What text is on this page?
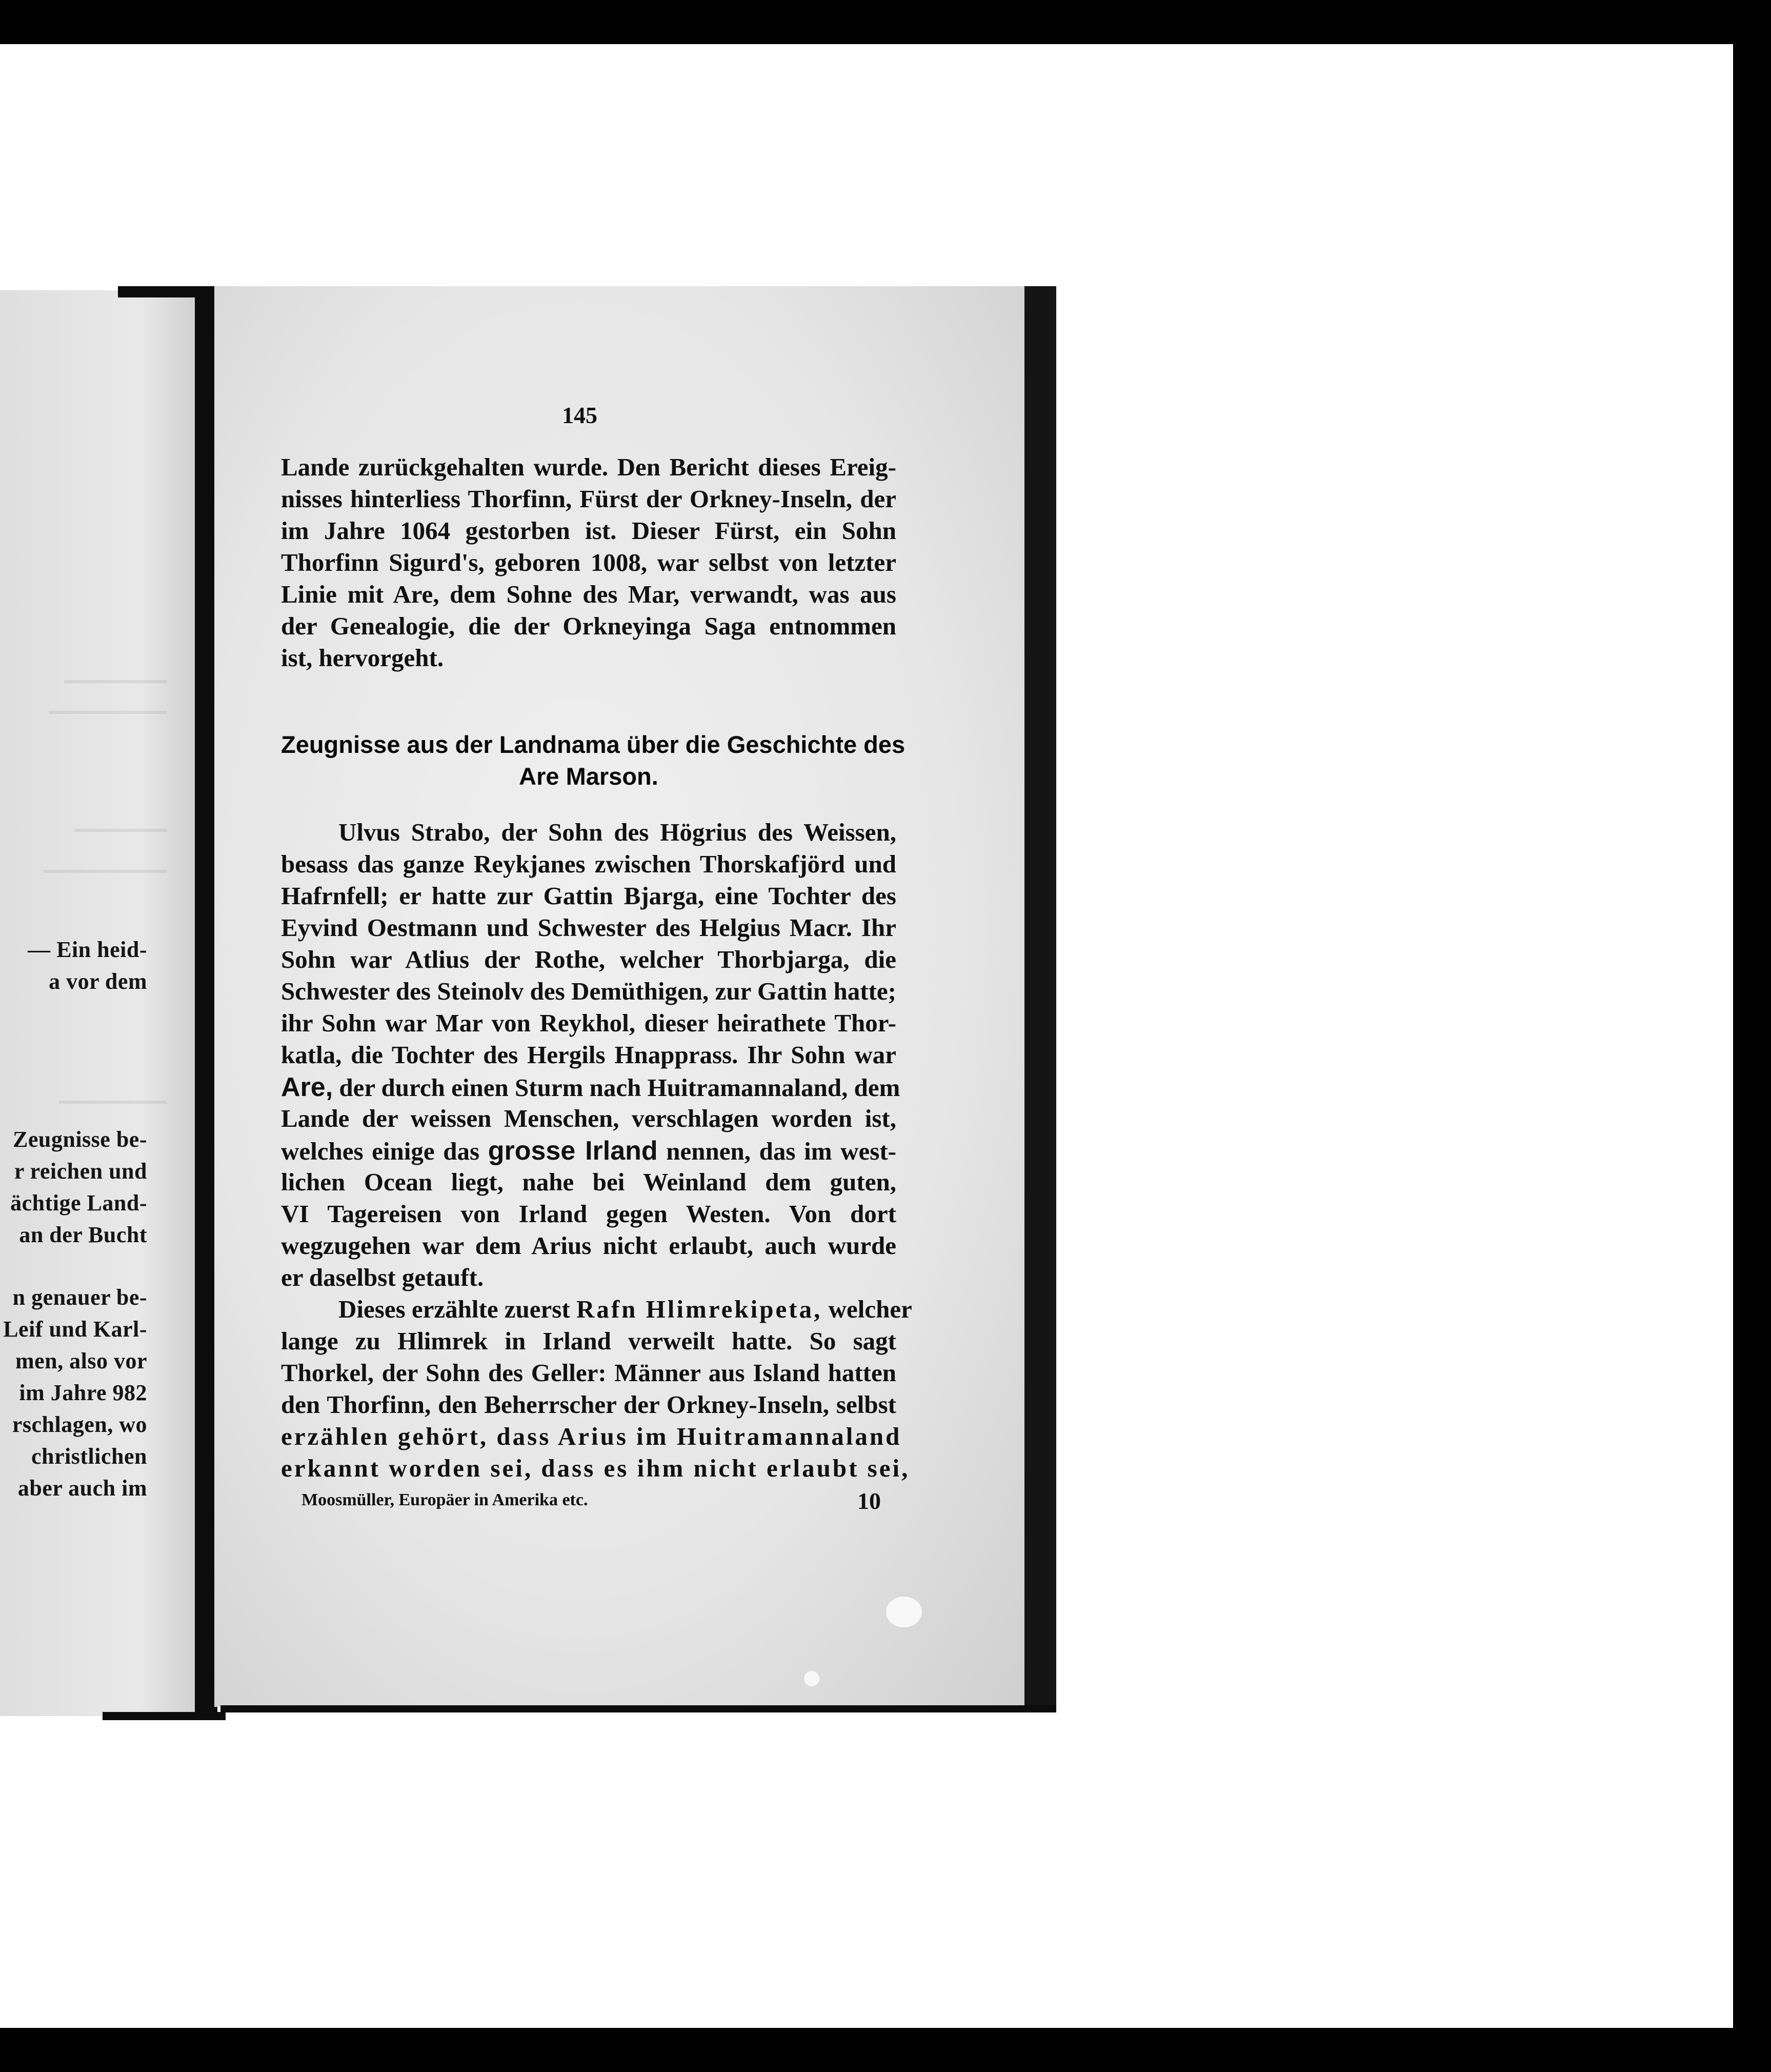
— Ein heid-

a vor dem

Zeugnisse be-

r reichen und

ächtige Land-

an der Bucht

n genauer be-

Leif und Karl-

men, also vor

im Jahre 982

rschlagen, wo

christlichen

aber auch im

145

Lande zurückgehalten wurde. Den Bericht dieses Ereig-

nisses hinterliess Thorfinn, Fürst der Orkney-Inseln, der

im Jahre 1064 gestorben ist. Dieser Fürst, ein Sohn

Thorfinn Sigurd's, geboren 1008, war selbst von letzter

Linie mit Are, dem Sohne des Mar, verwandt, was aus

der Genealogie, die der Orkneyinga Saga entnommen

ist, hervorgeht.

Zeugnisse aus der Landnama über die Geschichte des

Are Marson.

Ulvus Strabo, der Sohn des Högrius des Weissen,

besass das ganze Reykjanes zwischen Thorskafjörd und

Hafrnfell; er hatte zur Gattin Bjarga, eine Tochter des

Eyvind Oestmann und Schwester des Helgius Macr. Ihr

Sohn war Atlius der Rothe, welcher Thorbjarga, die

Schwester des Steinolv des Demüthigen, zur Gattin hatte;

ihr Sohn war Mar von Reykhol, dieser heirathete Thor-

katla, die Tochter des Hergils Hnapprass. Ihr Sohn war

Are, der durch einen Sturm nach Huitramannaland, dem

Lande der weissen Menschen, verschlagen worden ist,

welches einige das grosse Irland nennen, das im west-

lichen Ocean liegt, nahe bei Weinland dem guten,

VI Tagereisen von Irland gegen Westen. Von dort

wegzugehen war dem Arius nicht erlaubt, auch wurde

er daselbst getauft.

Dieses erzählte zuerst Rafn Hlimrekipeta, welcher

lange zu Hlimrek in Irland verweilt hatte. So sagt

Thorkel, der Sohn des Geller: Männer aus Island hatten

den Thorfinn, den Beherrscher der Orkney-Inseln, selbst

erzählen gehört, dass Arius im Huitramannaland

erkannt worden sei, dass es ihm nicht erlaubt sei,

Moosmüller, Europäer in Amerika etc.	10
